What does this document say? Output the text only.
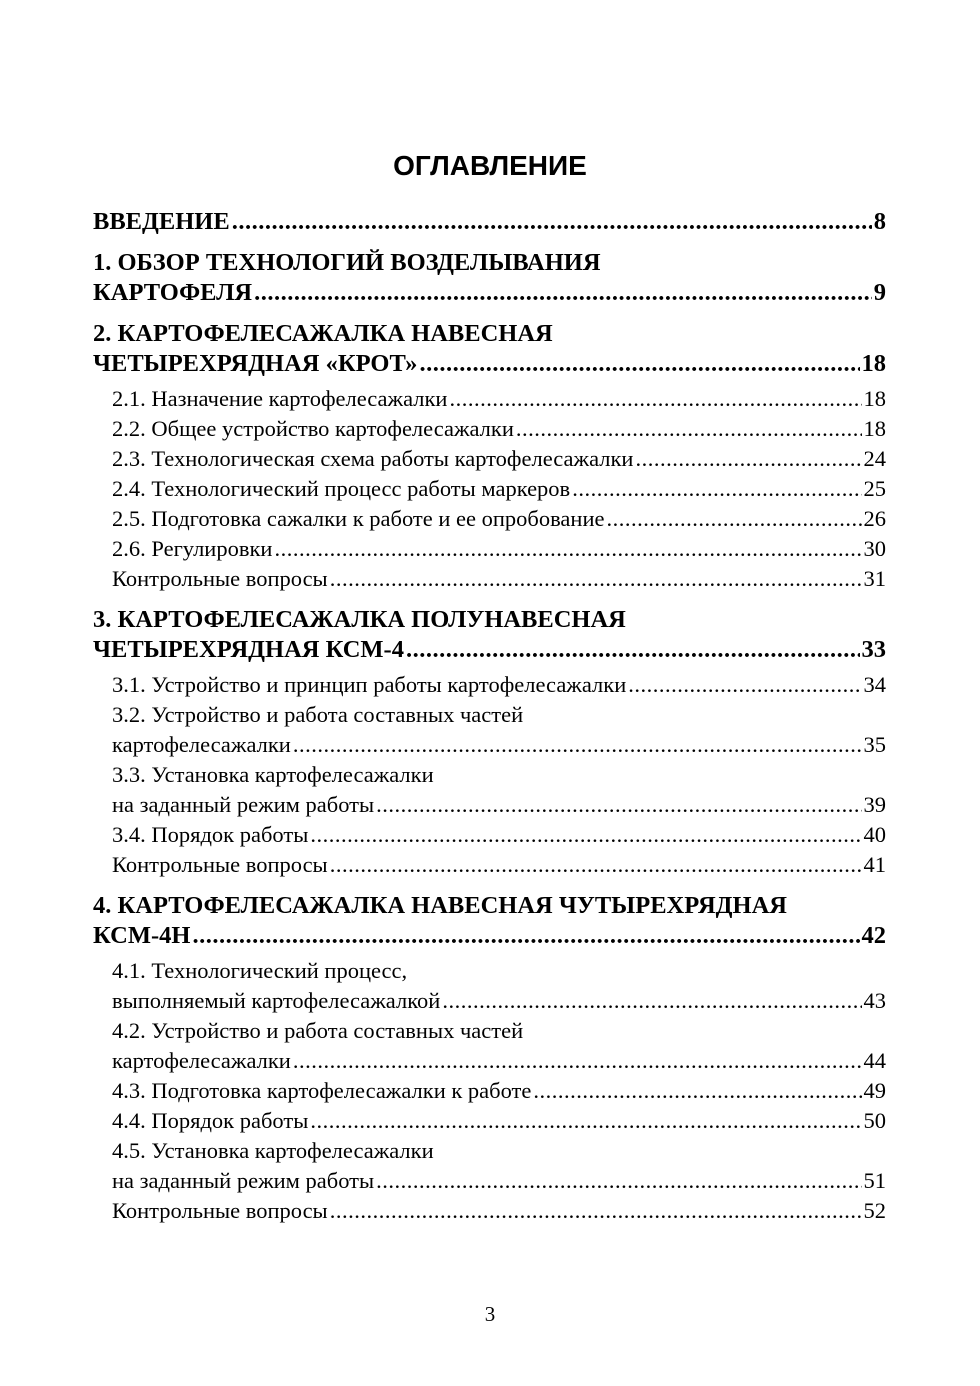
ОГЛАВЛЕНИЕ
ВВЕДЕНИЕ .....	8
1. ОБЗОР ТЕХНОЛОГИЙ ВОЗДЕЛЫВАНИЯ
КАРТОФЕЛЯ .....	9
2. КАРТОФЕЛЕСАЖАЛКА НАВЕСНАЯ
ЧЕТЫРЕХРЯДНАЯ «КРОТ» .....	18
2.1. Назначение картофелесажалки .....	18
2.2. Общее устройство картофелесажалки .....	18
2.3. Технологическая схема работы картофелесажалки .....	24
2.4. Технологический процесс работы маркеров .....	25
2.5. Подготовка сажалки к работе и ее опробование .....	26
2.6. Регулировки .....	30
Контрольные вопросы .....	31
3. КАРТОФЕЛЕСАЖАЛКА ПОЛУНАВЕСНАЯ
ЧЕТЫРЕХРЯДНАЯ КСМ-4 .....	33
3.1. Устройство и принцип работы картофелесажалки .....	34
3.2. Устройство и работа составных частей
картофелесажалки .....	35
3.3. Установка картофелесажалки
на заданный режим работы .....	39
3.4. Порядок работы .....	40
Контрольные вопросы .....	41
4. КАРТОФЕЛЕСАЖАЛКА НАВЕСНАЯ ЧУТЫРЕХРЯДНАЯ
КСМ-4Н .....	42
4.1. Технологический процесс,
выполняемый картофелесажалкой .....	43
4.2. Устройство и работа составных частей
картофелесажалки .....	44
4.3. Подготовка картофелесажалки к работе .....	49
4.4. Порядок работы .....	50
4.5. Установка картофелесажалки
на заданный режим работы .....	51
Контрольные вопросы .....	52
3
